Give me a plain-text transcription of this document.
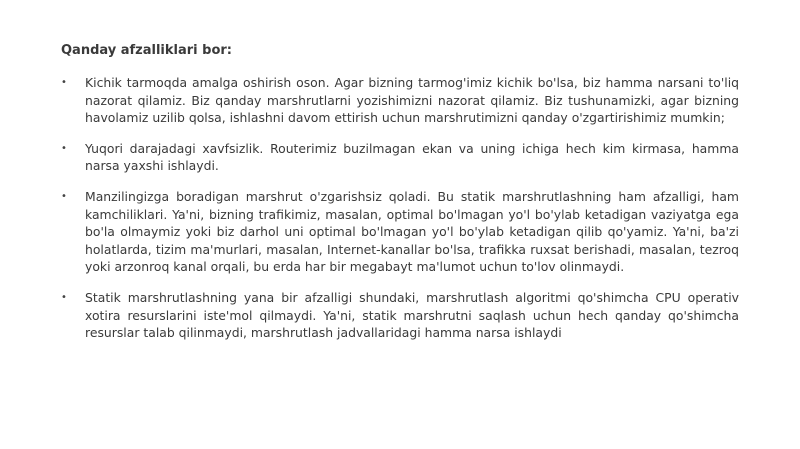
Qanday afzalliklari bor:
• Kichik tarmoqda amalga oshirish oson. Agar bizning tarmog'imiz kichik bo'lsa, biz hamma narsani to'liq nazorat qilamiz. Biz qanday marshrutlarni yozishimizni nazorat qilamiz. Biz tushunamizki, agar bizning havolamiz uzilib qolsa, ishlashni davom ettirish uchun marshrutimizni qanday o'zgartirishimiz mumkin;
• Yuqori darajadagi xavfsizlik. Routerimiz buzilmagan ekan va uning ichiga hech kim kirmasa, hamma narsa yaxshi ishlaydi.
• Manzilingizga boradigan marshrut o'zgarishsiz qoladi. Bu statik marshrutlashning ham afzalligi, ham kamchiliklari. Ya'ni, bizning trafikimiz, masalan, optimal bo'lmagan yo'l bo'ylab ketadigan vaziyatga ega bo'la olmaymiz yoki biz darhol uni optimal bo'lmagan yo'l bo'ylab ketadigan qilib qo'yamiz. Ya'ni, ba'zi holatlarda, tizim ma'murlari, masalan, Internet-kanallar bo'lsa, trafikka ruxsat berishadi, masalan, tezroq yoki arzonroq kanal orqali, bu erda har bir megabayt ma'lumot uchun to'lov olinmaydi.
• Statik marshrutlashning yana bir afzalligi shundaki, marshrutlash algoritmi qo'shimcha CPU operativ xotira resurslarini iste'mol qilmaydi. Ya'ni, statik marshrutni saqlash uchun hech qanday qo'shimcha resurslar talab qilinmaydi, marshrutlash jadvallaridagi hamma narsa ishlaydi
